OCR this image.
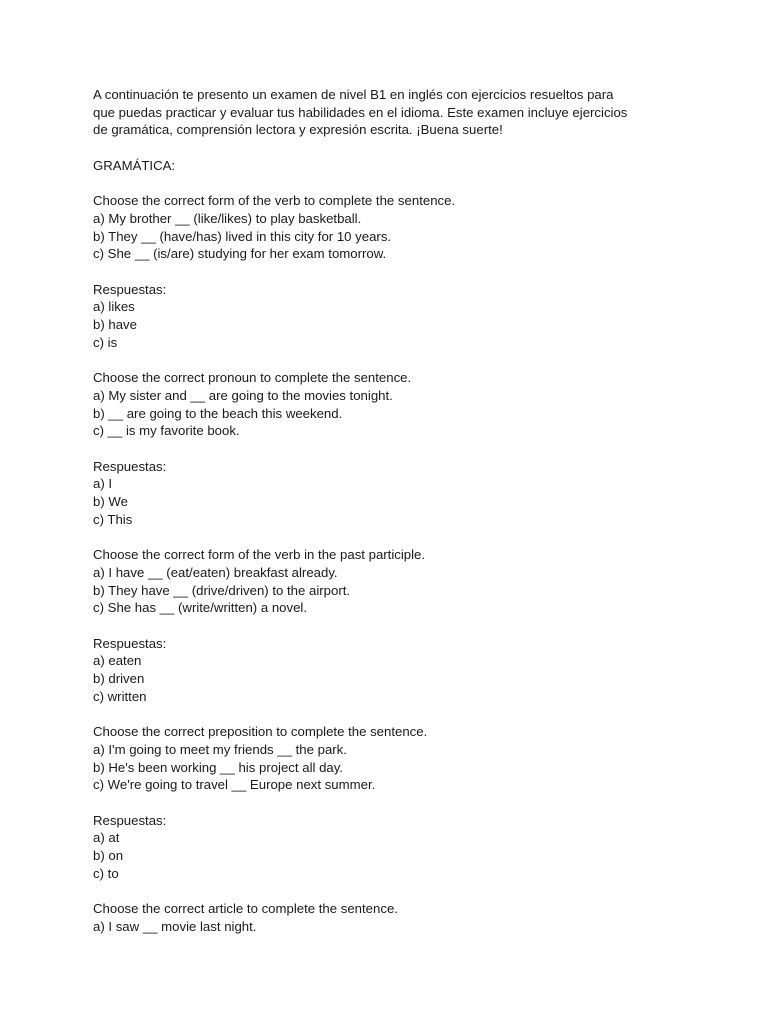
A continuación te presento un examen de nivel B1 en inglés con ejercicios resueltos para
que puedas practicar y evaluar tus habilidades en el idioma. Este examen incluye ejercicios
de gramática, comprensión lectora y expresión escrita. ¡Buena suerte!
GRAMÁTICA:
Choose the correct form of the verb to complete the sentence.
a) My brother __ (like/likes) to play basketball.
b) They __ (have/has) lived in this city for 10 years.
c) She __ (is/are) studying for her exam tomorrow.
Respuestas:
a) likes
b) have
c) is
Choose the correct pronoun to complete the sentence.
a) My sister and __ are going to the movies tonight.
b) __ are going to the beach this weekend.
c) __ is my favorite book.
Respuestas:
a) I
b) We
c) This
Choose the correct form of the verb in the past participle.
a) I have __ (eat/eaten) breakfast already.
b) They have __ (drive/driven) to the airport.
c) She has __ (write/written) a novel.
Respuestas:
a) eaten
b) driven
c) written
Choose the correct preposition to complete the sentence.
a) I'm going to meet my friends __ the park.
b) He's been working __ his project all day.
c) We're going to travel __ Europe next summer.
Respuestas:
a) at
b) on
c) to
Choose the correct article to complete the sentence.
a) I saw __ movie last night.
